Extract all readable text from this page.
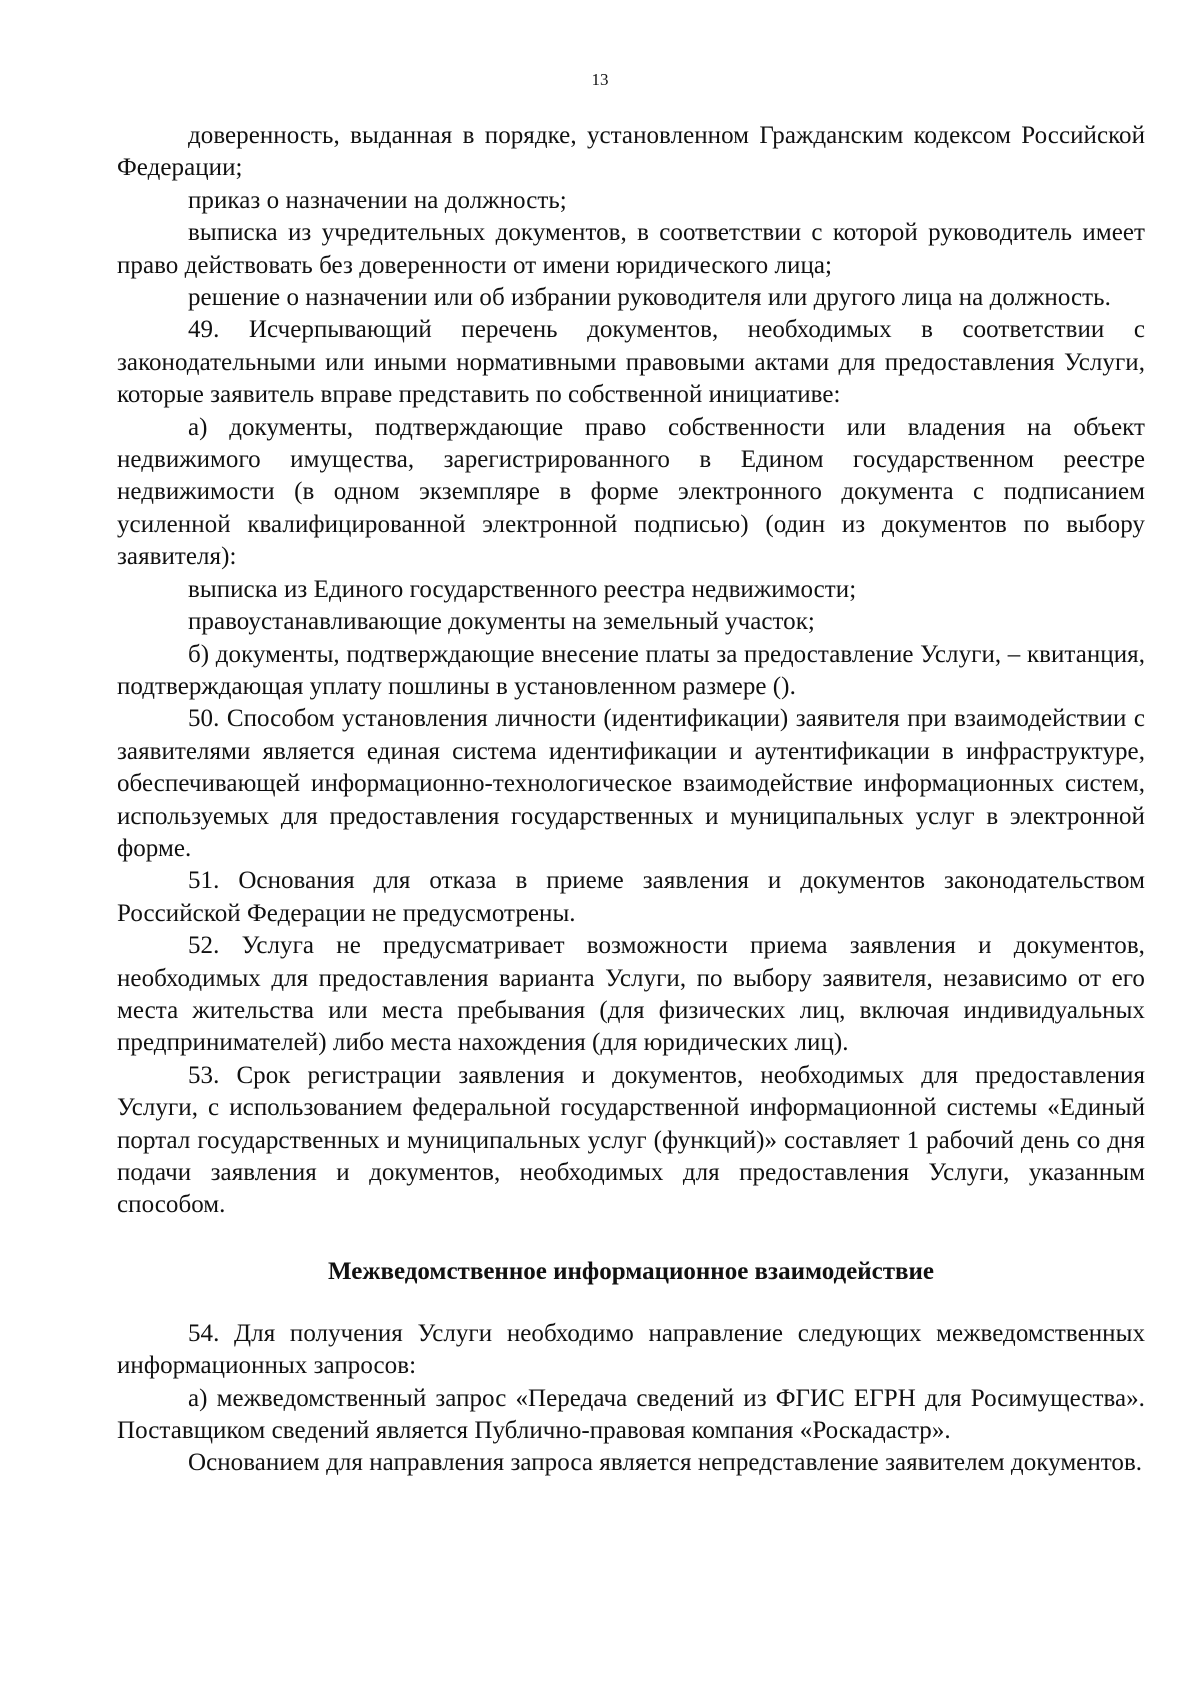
13

доверенность, выданная в порядке, установленном Гражданским кодексом Российской Федерации;

приказ о назначении на должность;

выписка из учредительных документов, в соответствии с которой руководитель имеет право действовать без доверенности от имени юридического лица;

решение о назначении или об избрании руководителя или другого лица на должность.

49. Исчерпывающий перечень документов, необходимых в соответствии с законодательными или иными нормативными правовыми актами для предоставления Услуги, которые заявитель вправе представить по собственной инициативе:

а) документы, подтверждающие право собственности или владения на объект недвижимого имущества, зарегистрированного в Едином государственном реестре недвижимости (в одном экземпляре в форме электронного документа с подписанием усиленной квалифицированной электронной подписью) (один из документов по выбору заявителя):

выписка из Единого государственного реестра недвижимости;

правоустанавливающие документы на земельный участок;

б) документы, подтверждающие внесение платы за предоставление Услуги, – квитанция, подтверждающая уплату пошлины в установленном размере ().

50. Способом установления личности (идентификации) заявителя при взаимодействии с заявителями является единая система идентификации и аутентификации в инфраструктуре, обеспечивающей информационно-технологическое взаимодействие информационных систем, используемых для предоставления государственных и муниципальных услуг в электронной форме.

51. Основания для отказа в приеме заявления и документов законодательством Российской Федерации не предусмотрены.

52. Услуга не предусматривает возможности приема заявления и документов, необходимых для предоставления варианта Услуги, по выбору заявителя, независимо от его места жительства или места пребывания (для физических лиц, включая индивидуальных предпринимателей) либо места нахождения (для юридических лиц).

53. Срок регистрации заявления и документов, необходимых для предоставления Услуги, с использованием федеральной государственной информационной системы «Единый портал государственных и муниципальных услуг (функций)» составляет 1 рабочий день со дня подачи заявления и документов, необходимых для предоставления Услуги, указанным способом.

Межведомственное информационное взаимодействие

54. Для получения Услуги необходимо направление следующих межведомственных информационных запросов:

а) межведомственный запрос «Передача сведений из ФГИС ЕГРН для Росимущества». Поставщиком сведений является Публично-правовая компания «Роскадастр».

Основанием для направления запроса является непредставление заявителем документов.
